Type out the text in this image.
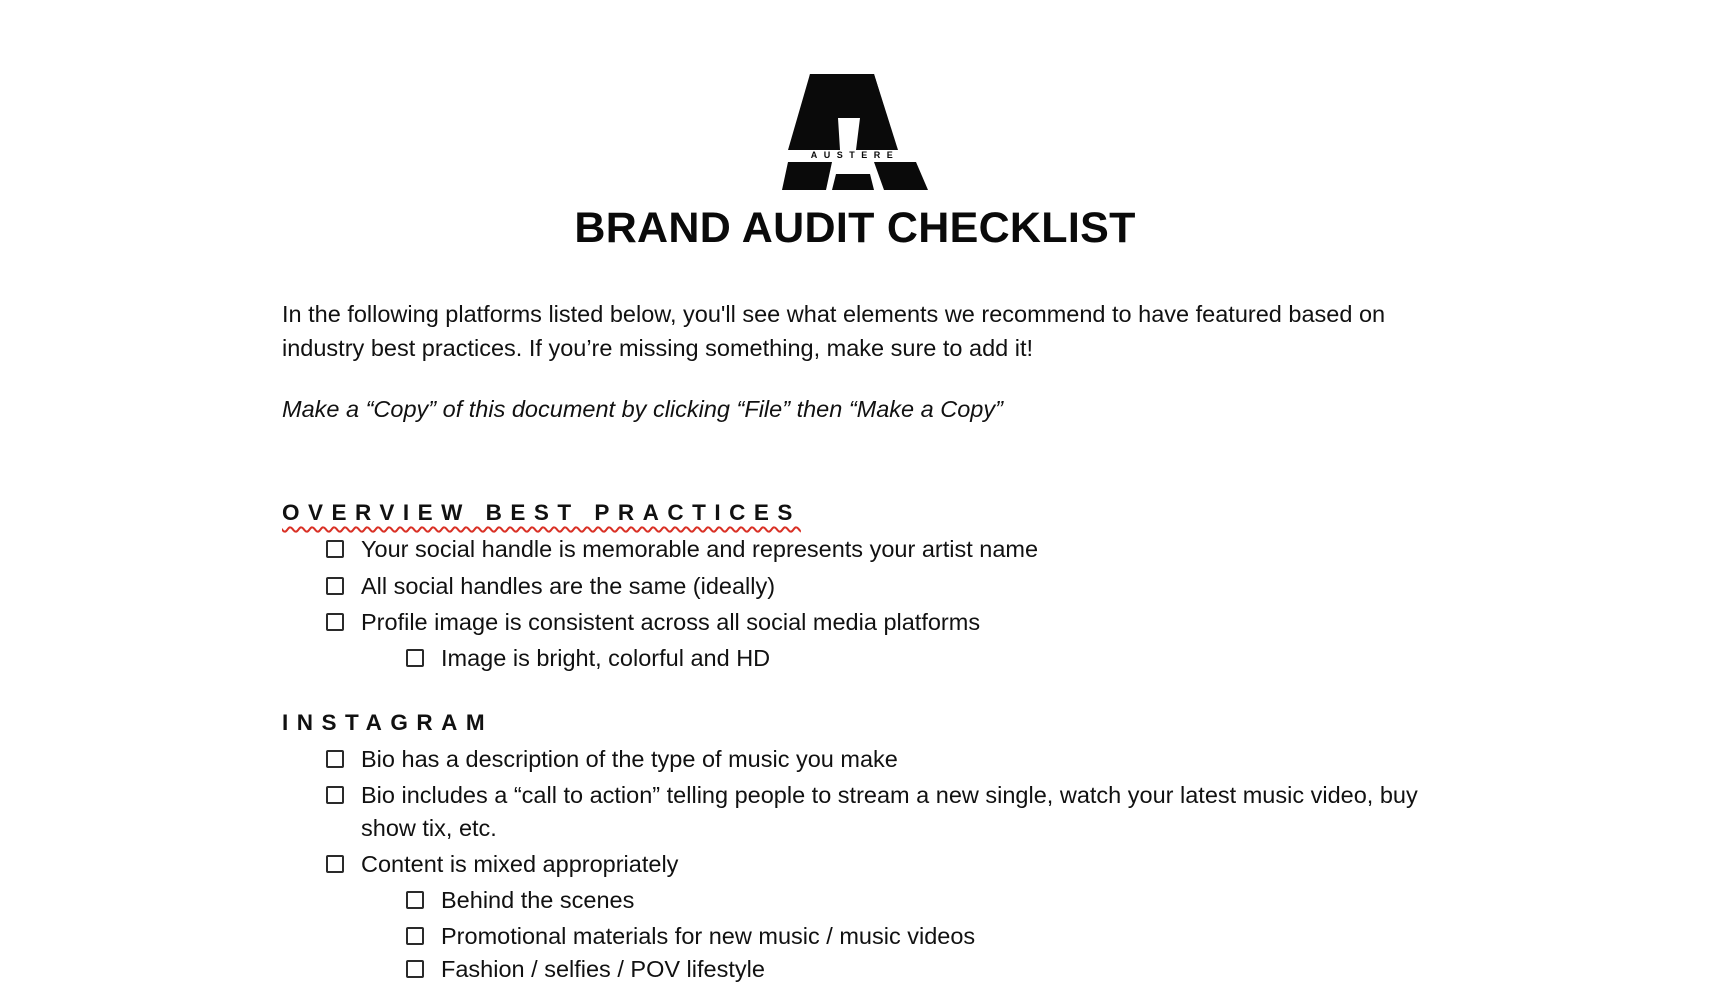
AUSTERE
BRAND AUDIT CHECKLIST
In the following platforms listed below, you'll see what elements we recommend to have featured based on industry best practices. If you’re missing something, make sure to add it!
Make a “Copy” of this document by clicking “File” then “Make a Copy”
OVERVIEW BEST PRACTICES
Your social handle is memorable and represents your artist name
All social handles are the same (ideally)
Profile image is consistent across all social media platforms
Image is bright, colorful and HD
INSTAGRAM
Bio has a description of the type of music you make
Bio includes a “call to action” telling people to stream a new single, watch your latest music video, buy show tix, etc.
Content is mixed appropriately
Behind the scenes
Promotional materials for new music / music videos
Fashion / selfies / POV lifestyle
